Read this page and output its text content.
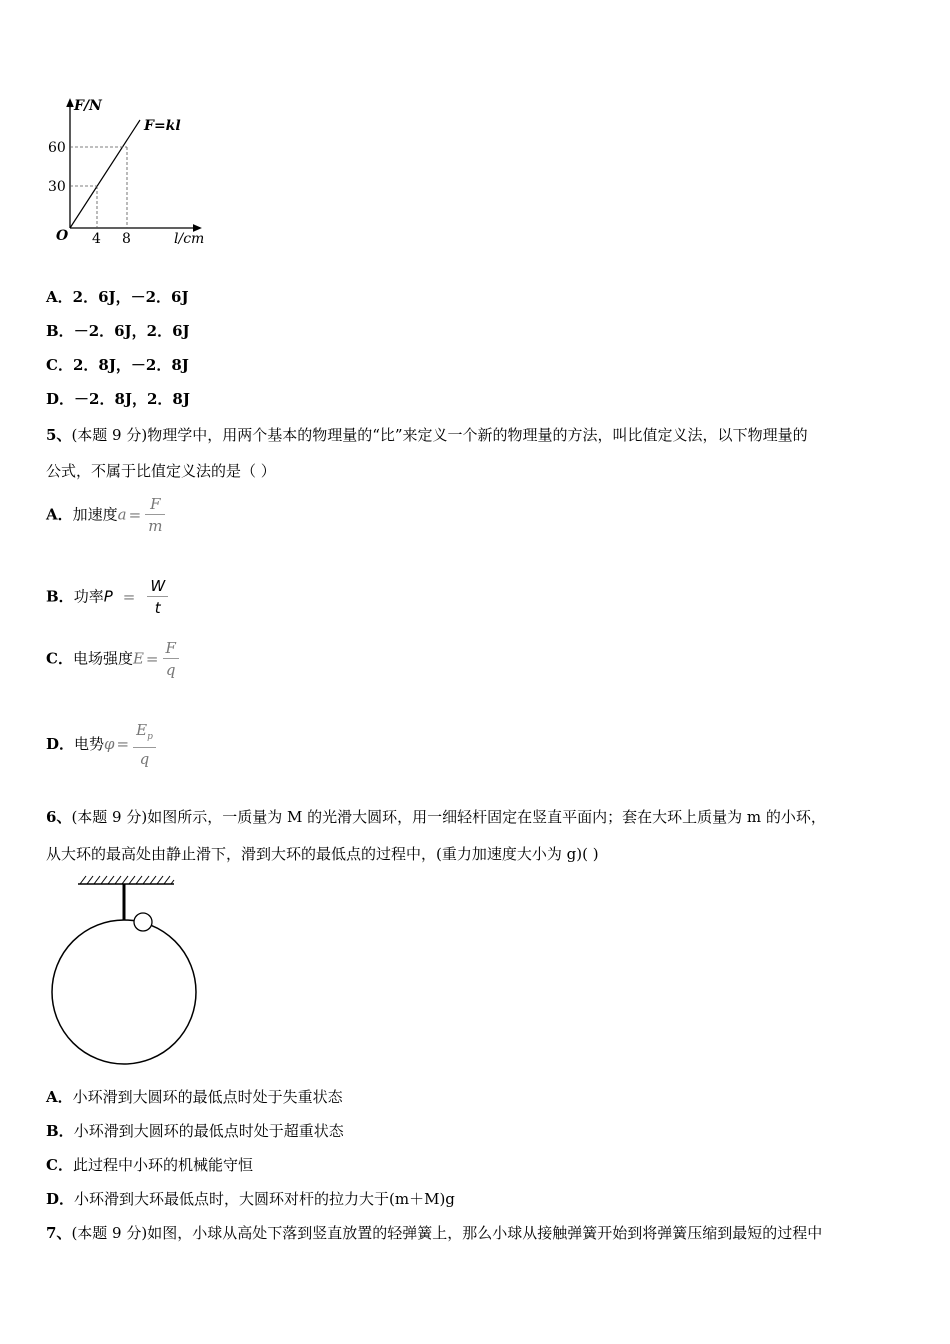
F/N
F=kl
60
30
O 4 8	l/cm
A．2．6J，－2．6J
B．－2．6J，2．6J
C．2．8J，－2．8J
D．－2．8J，2．8J
5、(本题 9 分)物理学中，用两个基本的物理量的“比”来定义一个新的物理量的方法，叫比值定义法，以下物理量的
公式，不属于比值定义法的是（ ）
A．加速度$a = \frac{F}{m}$
B．功率$P = \frac{W}{t}$
C．电场强度$E = \frac{F}{q}$
D．电势$\varphi = \frac{E_p}{q}$
6、(本题 9 分)如图所示，一质量为 M 的光滑大圆环，用一细轻杆固定在竖直平面内；套在大环上质量为 m 的小环，
从大环的最高处由静止滑下，滑到大环的最低点的过程中，(重力加速度大小为 g)( )
A．小环滑到大圆环的最低点时处于失重状态
B．小环滑到大圆环的最低点时处于超重状态
C．此过程中小环的机械能守恒
D．小环滑到大环最低点时，大圆环对杆的拉力大于(m＋M)g
7、(本题 9 分)如图，小球从高处下落到竖直放置的轻弹簧上，那么小球从接触弹簧开始到将弹簧压缩到最短的过程中
